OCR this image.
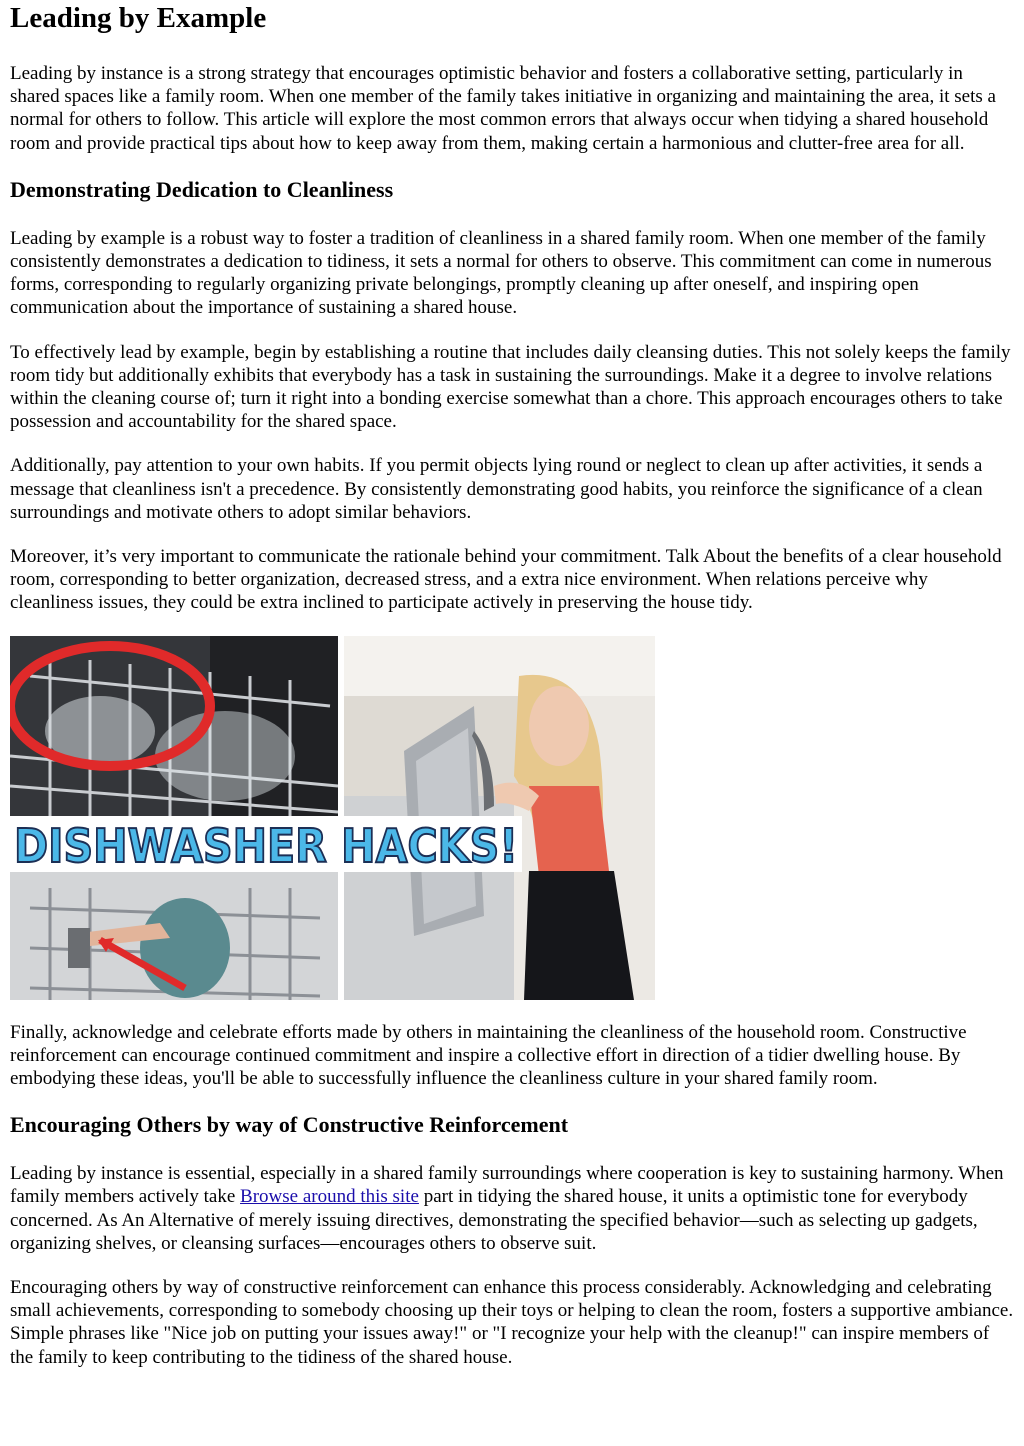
Leading by Example

Leading by instance is a strong strategy that encourages optimistic behavior and fosters a collaborative setting, particularly in shared spaces like a family room. When one member of the family takes initiative in organizing and maintaining the area, it sets a normal for others to follow. This article will explore the most common errors that always occur when tidying a shared household room and provide practical tips about how to keep away from them, making certain a harmonious and clutter-free area for all.

Demonstrating Dedication to Cleanliness

Leading by example is a robust way to foster a tradition of cleanliness in a shared family room. When one member of the family consistently demonstrates a dedication to tidiness, it sets a normal for others to observe. This commitment can come in numerous forms, corresponding to regularly organizing private belongings, promptly cleaning up after oneself, and inspiring open communication about the importance of sustaining a shared house.

To effectively lead by example, begin by establishing a routine that includes daily cleansing duties. This not solely keeps the family room tidy but additionally exhibits that everybody has a task in sustaining the surroundings. Make it a degree to involve relations within the cleaning course of; turn it right into a bonding exercise somewhat than a chore. This approach encourages others to take possession and accountability for the shared space.

Additionally, pay attention to your own habits. If you permit objects lying round or neglect to clean up after activities, it sends a message that cleanliness isn't a precedence. By consistently demonstrating good habits, you reinforce the significance of a clean surroundings and motivate others to adopt similar behaviors.

Moreover, it’s very important to communicate the rationale behind your commitment. Talk About the benefits of a clear household room, corresponding to better organization, decreased stress, and a extra nice environment. When relations perceive why cleanliness issues, they could be extra inclined to participate actively in preserving the house tidy.

DISHWASHER HACKS!

Finally, acknowledge and celebrate efforts made by others in maintaining the cleanliness of the household room. Constructive reinforcement can encourage continued commitment and inspire a collective effort in direction of a tidier dwelling house. By embodying these ideas, you'll be able to successfully influence the cleanliness culture in your shared family room.

Encouraging Others by way of Constructive Reinforcement

Leading by instance is essential, especially in a shared family surroundings where cooperation is key to sustaining harmony. When family members actively take Browse around this site part in tidying the shared house, it units a optimistic tone for everybody concerned. As An Alternative of merely issuing directives, demonstrating the specified behavior—such as selecting up gadgets, organizing shelves, or cleansing surfaces—encourages others to observe suit.

Encouraging others by way of constructive reinforcement can enhance this process considerably. Acknowledging and celebrating small achievements, corresponding to somebody choosing up their toys or helping to clean the room, fosters a supportive ambiance. Simple phrases like "Nice job on putting your issues away!" or "I recognize your help with the cleanup!" can inspire members of the family to keep contributing to the tidiness of the shared house.
